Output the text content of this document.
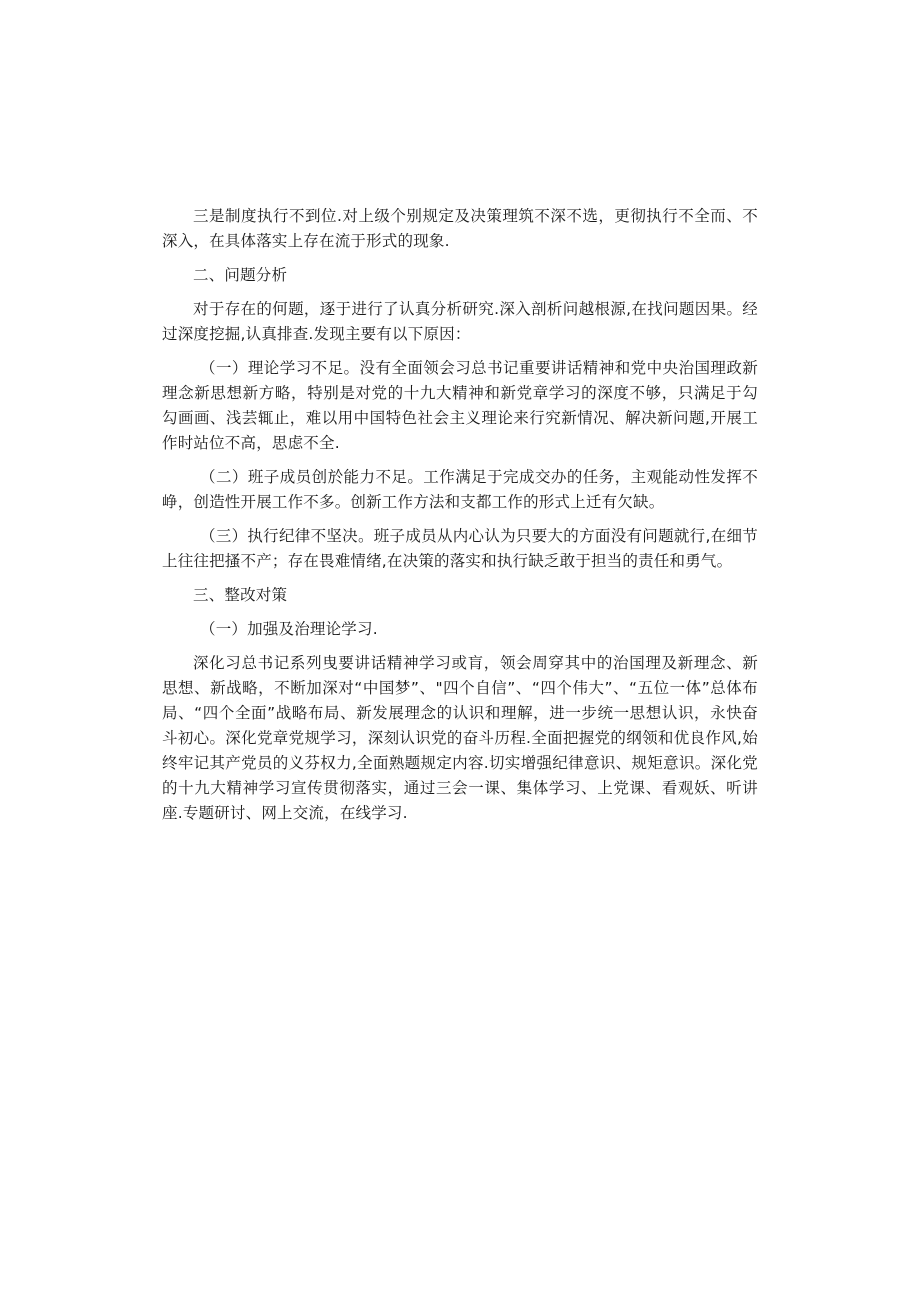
三是制度执行不到位.对上级个别规定及决策理筑不深不选，更彻执行不全而、不深入，在具体落实上存在流于形式的现象.

二、问题分析

对于存在的何题，逐于进行了认真分析研究.深入剖析问越根源,在找问题因果。经过深度挖掘,认真排查.发现主要有以下原因：

（一）理论学习不足。没有全面领会习总书记重要讲话精神和党中央治国理政新理念新思想新方略，特别是对党的十九大精神和新党章学习的深度不够，只满足于勾勾画画、浅芸辄止，难以用中国特色社会主义理论来行究新情况、解决新问题,开展工作时站位不高，思虑不全.

（二）班子成员创於能力不足。工作满足于完成交办的任务，主观能动性发挥不峥，创造性开展工作不多。创新工作方法和支都工作的形式上迁有欠缺。

（三）执行纪律不坚决。班子成员从内心认为只要大的方面没有问题就行,在细节上往往把搔不产；存在畏难情绪,在决策的落实和执行缺乏敢于担当的责任和勇气。

三、整改对策

（一）加强及治理论学习.

深化习总书记系列曳要讲话精神学习或肓，领会周穿其中的治国理及新理念、新思想、新战略，不断加深对“中国梦”、"四个自信”、“四个伟大”、“五位一体”总体布局、“四个全面”战略布局、新发展理念的认识和理解，进一步统一思想认识，永快奋斗初心。深化党章党规学习，深刻认识党的奋斗历程.全面把握党的纲领和优良作风,始终牢记其产党员的义芬权力,全面熟题规定内容.切实增强纪律意识、规矩意识。深化党的十九大精神学习宣传贯彻落实，通过三会一课、集体学习、上党课、看观妖、听讲座.专题研讨、网上交流，在线学习.
